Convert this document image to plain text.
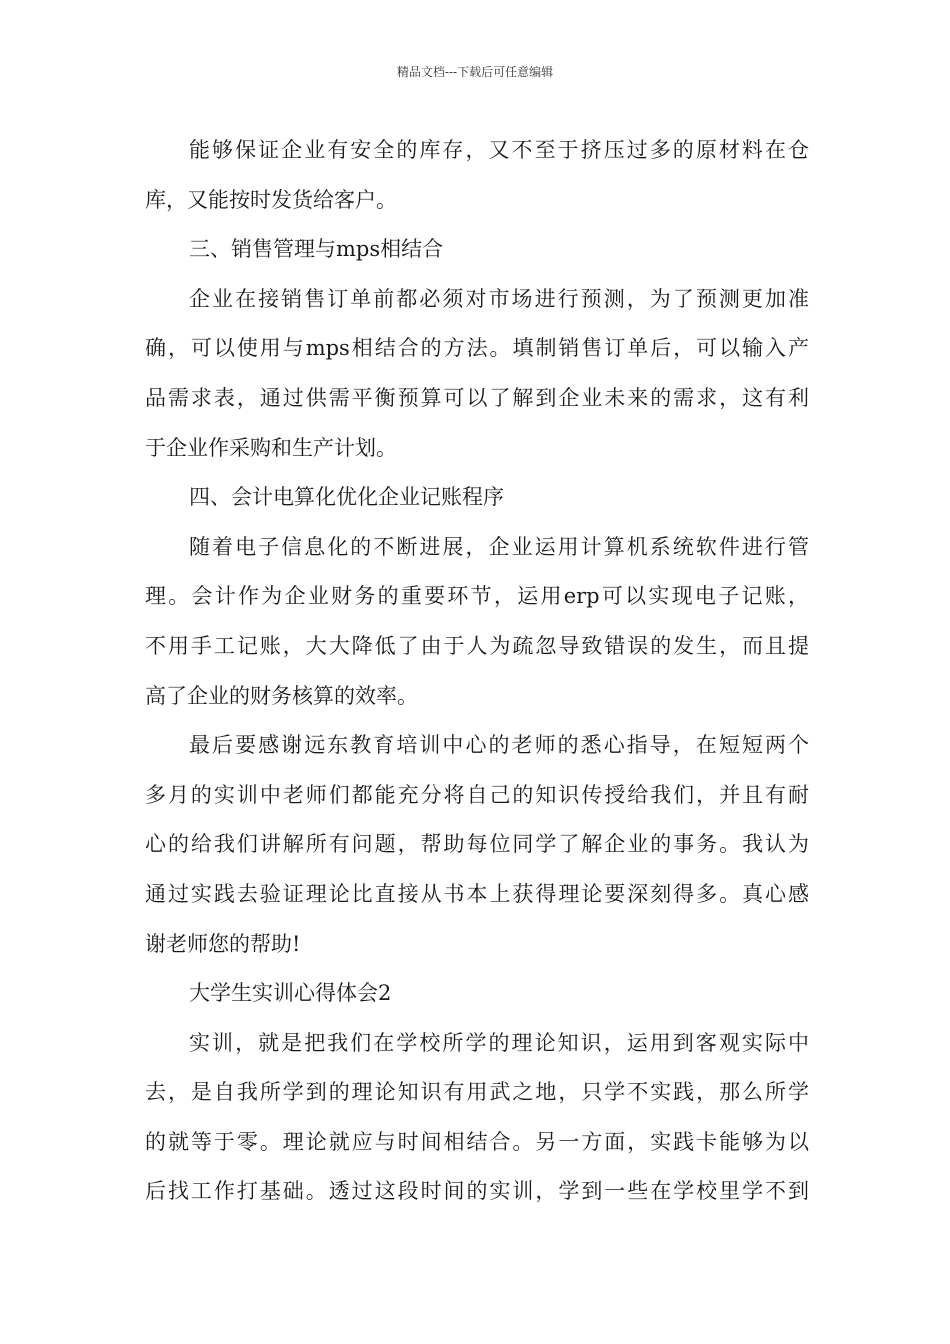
精品文档---下载后可任意编辑
能够保证企业有安全的库存，又不至于挤压过多的原材料在仓
库，又能按时发货给客户。
三、销售管理与mps相结合
企业在接销售订单前都必须对市场进行预测，为了预测更加准
确，可以使用与mps相结合的方法。填制销售订单后，可以输入产
品需求表，通过供需平衡预算可以了解到企业未来的需求，这有利
于企业作采购和生产计划。
四、会计电算化优化企业记账程序
随着电子信息化的不断进展，企业运用计算机系统软件进行管
理。会计作为企业财务的重要环节，运用erp可以实现电子记账，
不用手工记账，大大降低了由于人为疏忽导致错误的发生，而且提
高了企业的财务核算的效率。
最后要感谢远东教育培训中心的老师的悉心指导，在短短两个
多月的实训中老师们都能充分将自己的知识传授给我们，并且有耐
心的给我们讲解所有问题，帮助每位同学了解企业的事务。我认为
通过实践去验证理论比直接从书本上获得理论要深刻得多。真心感
谢老师您的帮助!
大学生实训心得体会2
实训，就是把我们在学校所学的理论知识，运用到客观实际中
去，是自我所学到的理论知识有用武之地，只学不实践，那么所学
的就等于零。理论就应与时间相结合。另一方面，实践卡能够为以
后找工作打基础。透过这段时间的实训，学到一些在学校里学不到
